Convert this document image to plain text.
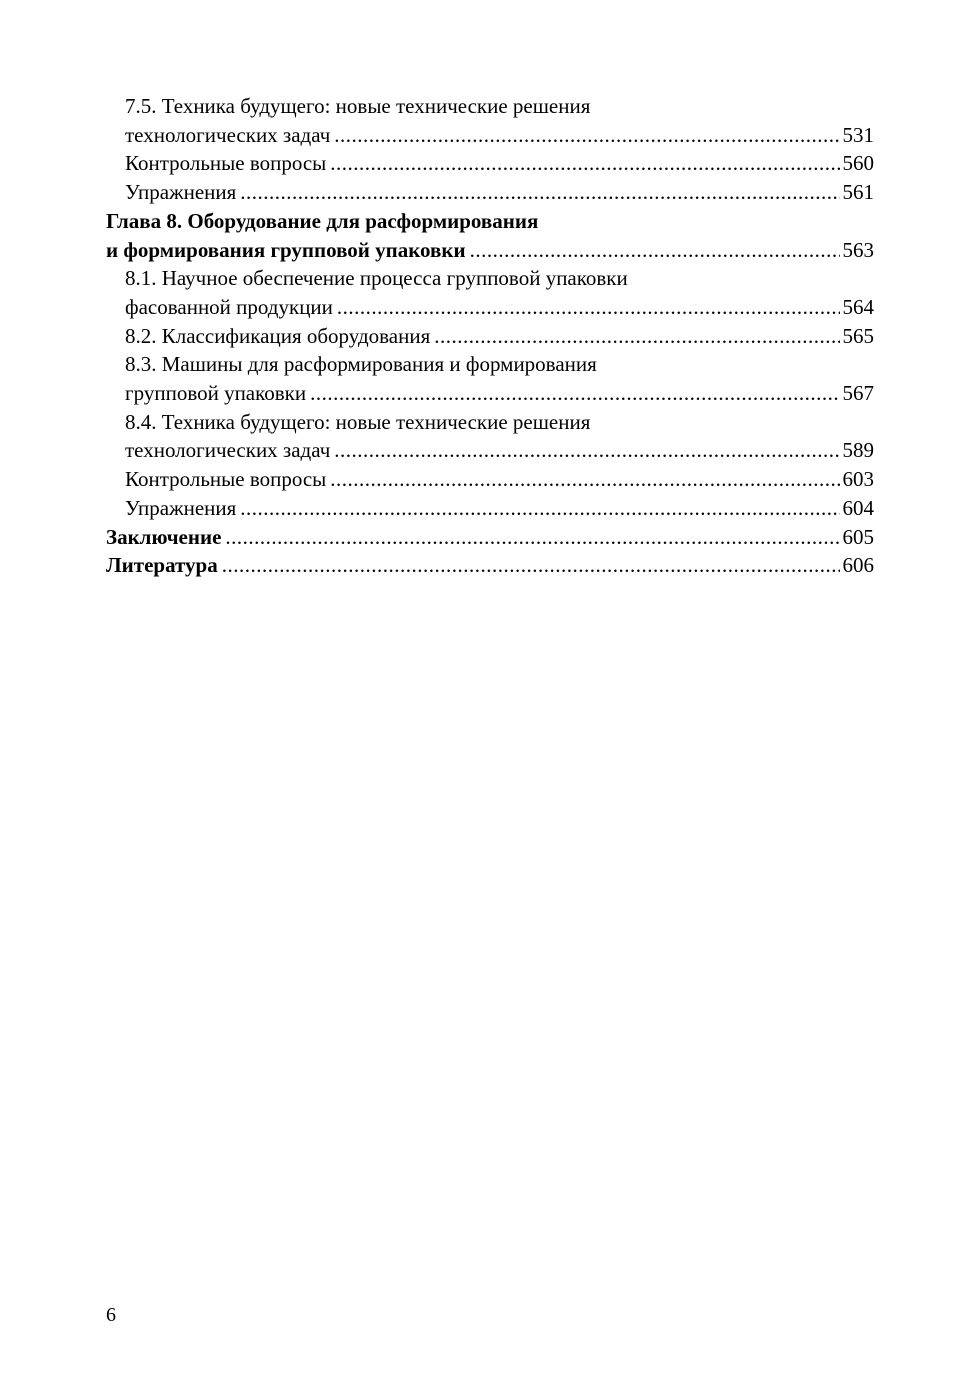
7.5. Техника будущего: новые технические решения
технологических задач .....	531
Контрольные вопросы .....	560
Упражнения .....	561
Глава 8. Оборудование для расформирования
и формирования групповой упаковки .....	563
8.1. Научное обеспечение процесса групповой упаковки
фасованной продукции .....	564
8.2. Классификация оборудования .....	565
8.3. Машины для расформирования и формирования
групповой упаковки .....	567
8.4. Техника будущего: новые технические решения
технологических задач .....	589
Контрольные вопросы .....	603
Упражнения .....	604
Заключение .....	605
Литература .....	606
6
